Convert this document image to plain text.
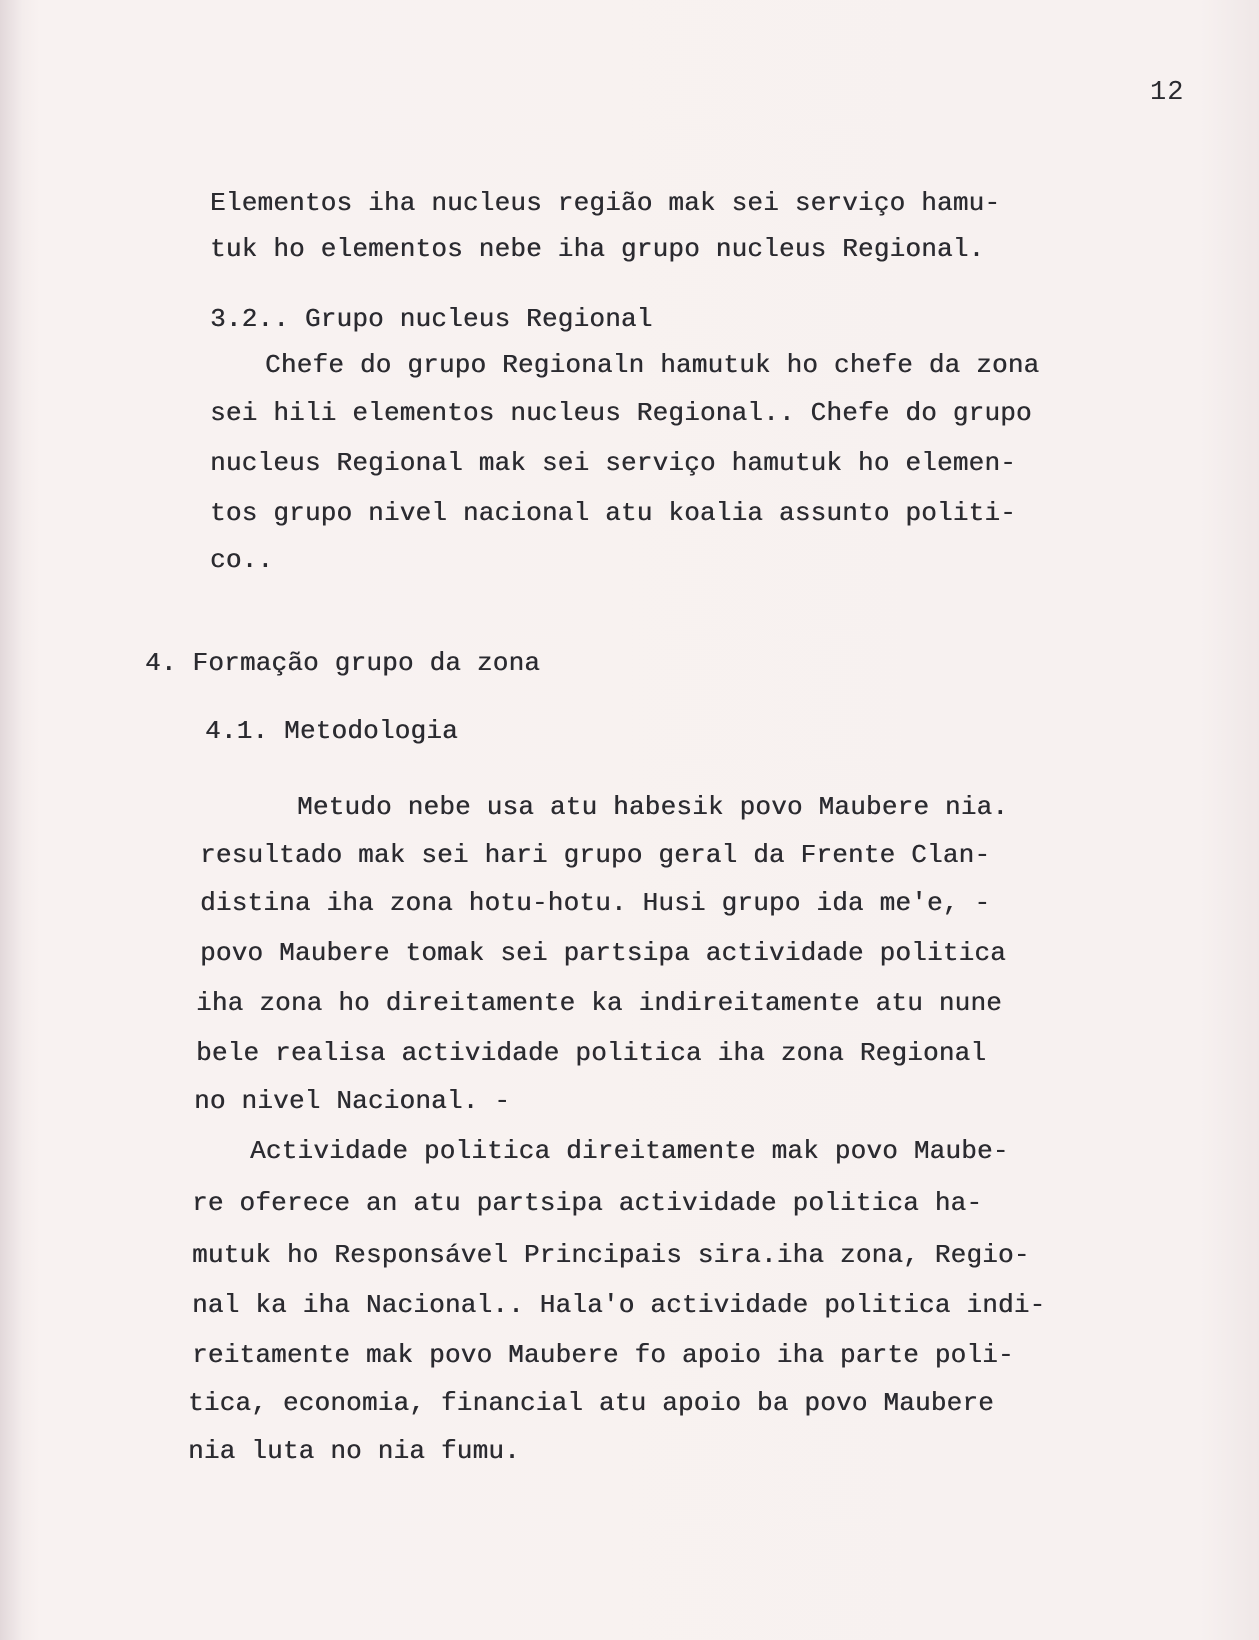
12
Elementos iha nucleus região mak sei serviço hamu-
tuk ho elementos nebe iha grupo nucleus Regional.
3.2.. Grupo nucleus Regional
Chefe do grupo Regionaln hamutuk ho chefe da zona
sei hili elementos nucleus Regional.. Chefe do grupo
nucleus Regional mak sei serviço hamutuk ho elemen-
tos grupo nivel nacional atu koalia assunto politi-
co..
4. Formação grupo da zona
4.1. Metodologia
Metudo nebe usa atu habesik povo Maubere nia.
resultado mak sei hari grupo geral da Frente Clan-
distina iha zona hotu-hotu. Husi grupo ida me'e, -
povo Maubere tomak sei partsipa actividade politica
iha zona ho direitamente ka indireitamente atu nune
bele realisa actividade politica iha zona Regional
no nivel Nacional. -
Actividade politica direitamente mak povo Maube-
re oferece an atu partsipa actividade politica ha-
mutuk ho Responsável Principais sira.iha zona, Regio-
nal ka iha Nacional.. Hala'o actividade politica indi-
reitamente mak povo Maubere fo apoio iha parte poli-
tica, economia, financial atu apoio ba povo Maubere
nia luta no nia fumu.
